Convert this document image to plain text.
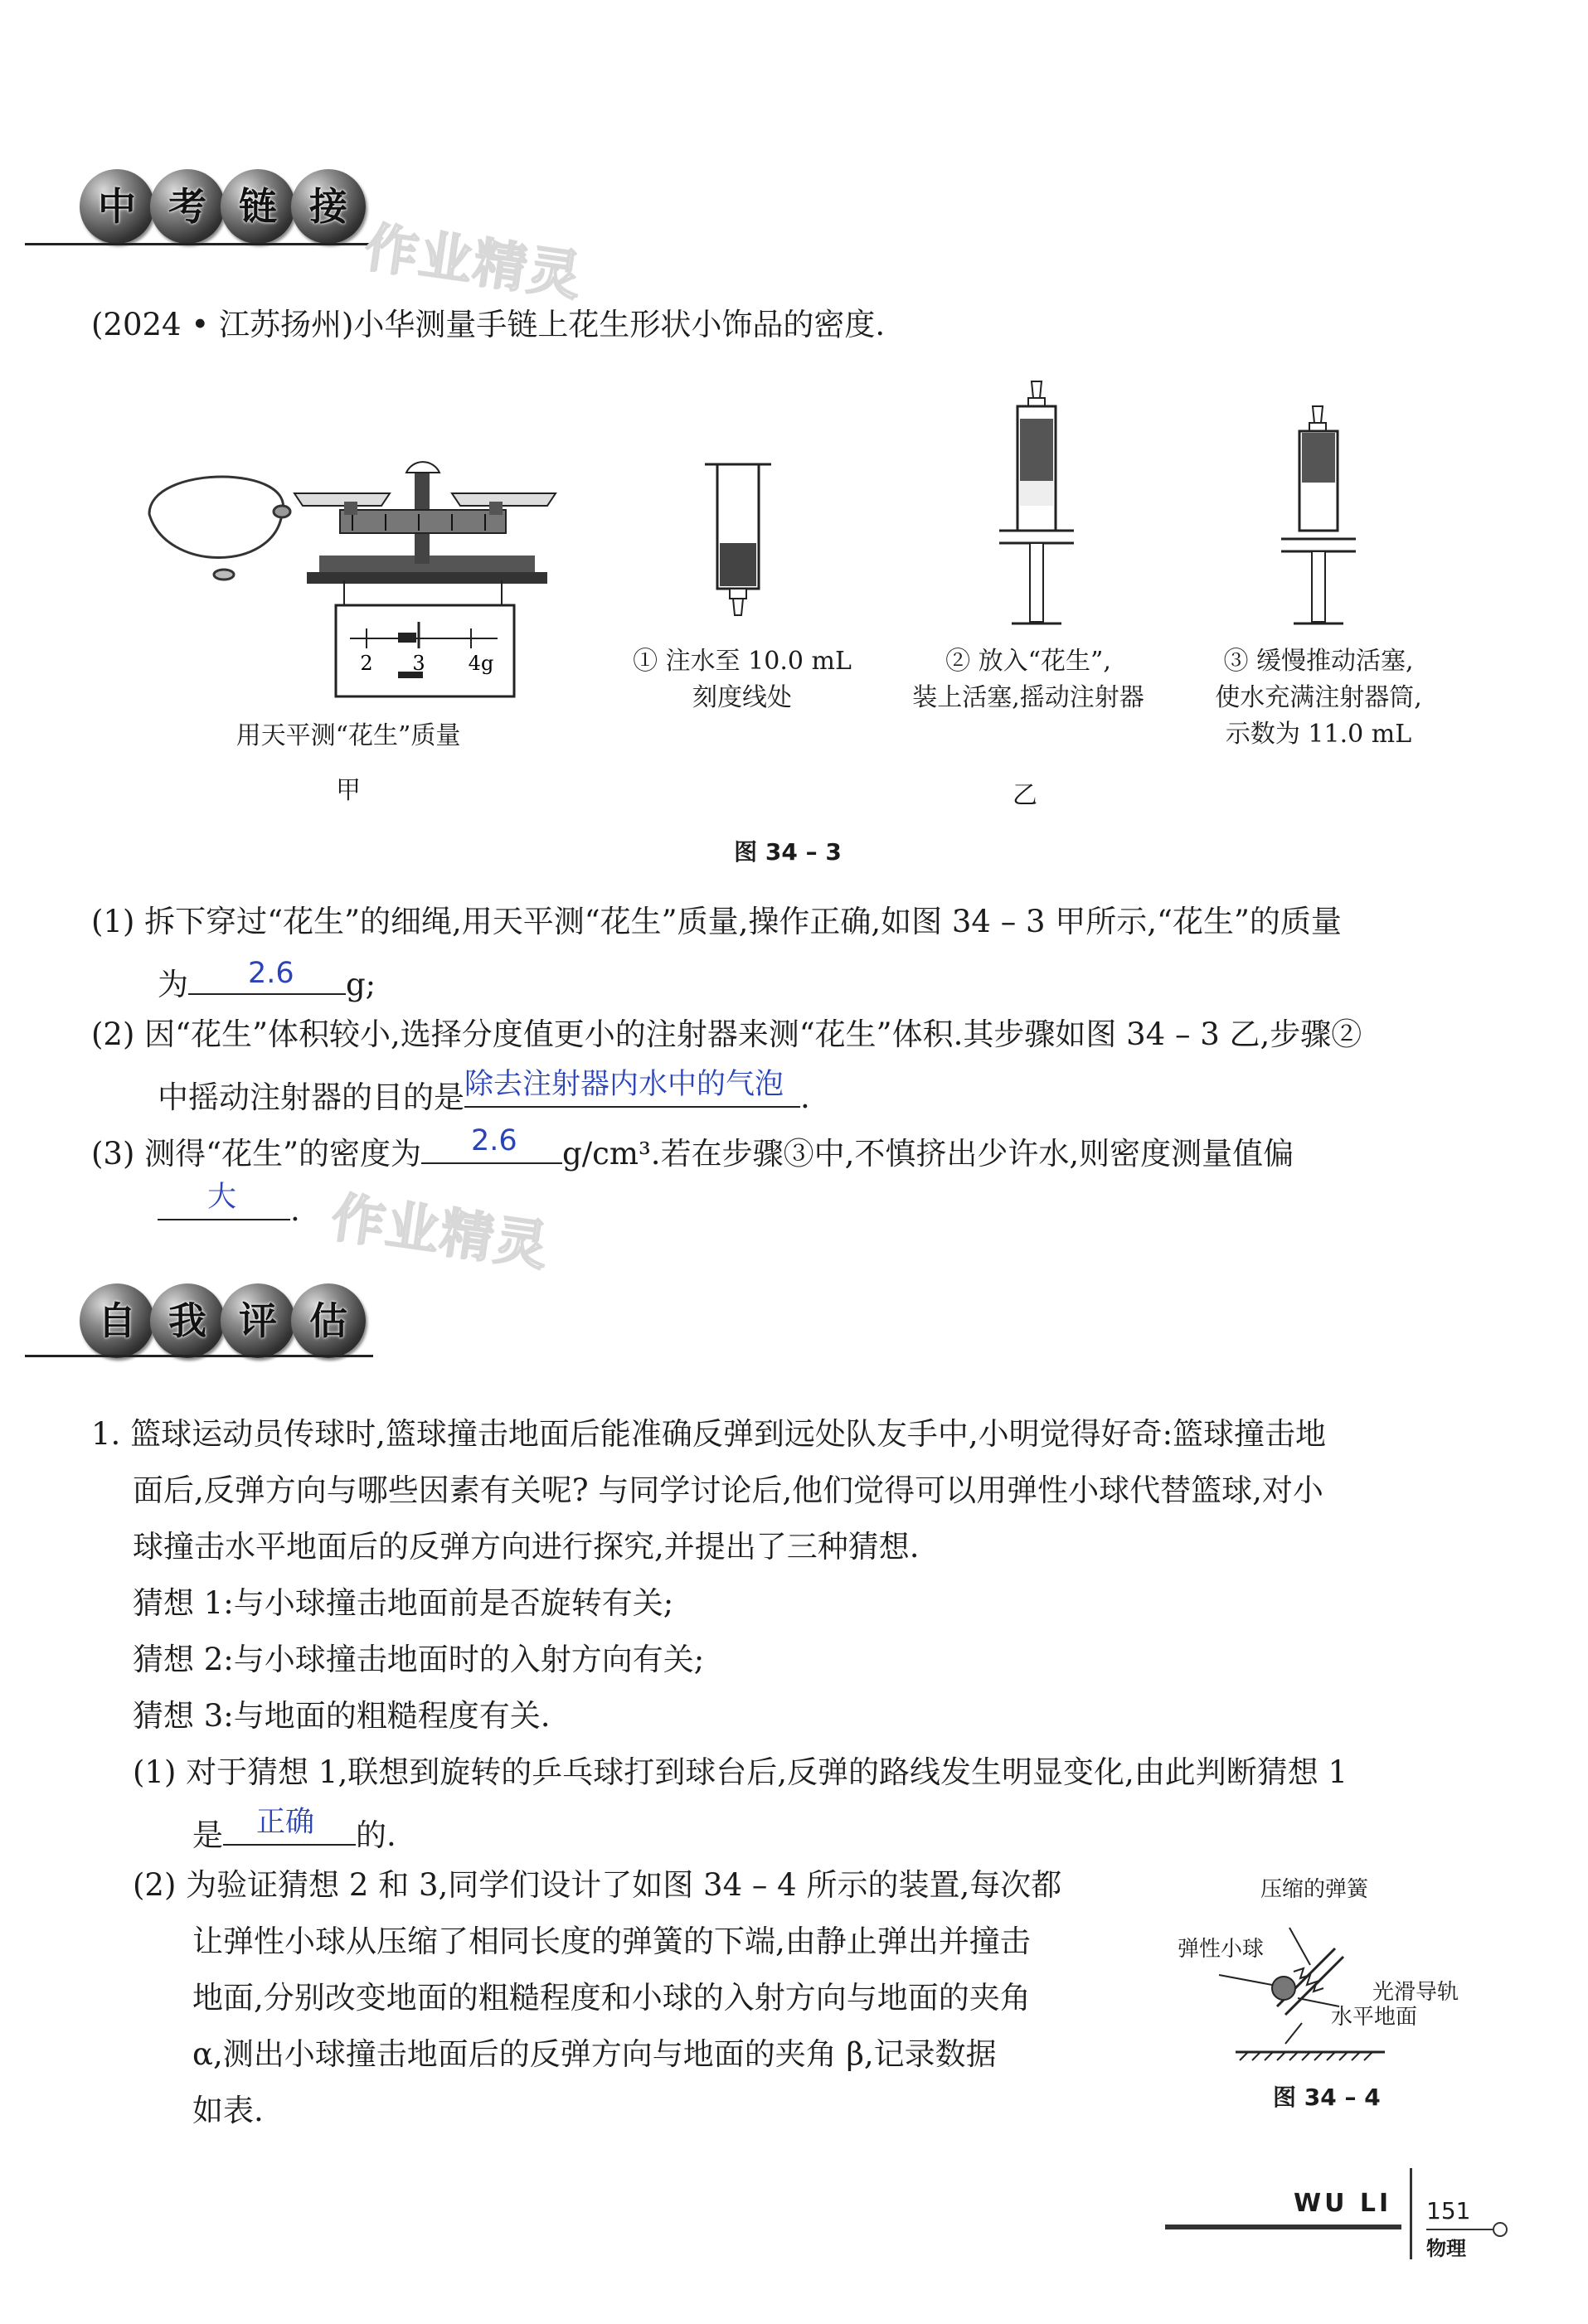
中 考 链 接
作业精灵
(2024 • 江苏扬州)小华测量手链上花生形状小饰品的密度.
2 3 4g
用天平测“花生”质量
甲
① 注水至 10.0 mL
刻度线处
② 放入“花生”,
装上活塞,摇动注射器
③ 缓慢推动活塞,
使水充满注射器筒,
示数为 11.0 mL
乙
图 34 – 3
(1) 拆下穿过“花生”的细绳,用天平测“花生”质量,操作正确,如图 34 – 3 甲所示,“花生”的质量
为 2.6 g;
(2) 因“花生”体积较小,选择分度值更小的注射器来测“花生”体积.其步骤如图 34 – 3 乙,步骤②
中摇动注射器的目的是 除去注射器内水中的气泡 .
(3) 测得“花生”的密度为 2.6 g/cm³.若在步骤③中,不慎挤出少许水,则密度测量值偏
大 . 作业精灵
自 我 评 估
1. 篮球运动员传球时,篮球撞击地面后能准确反弹到远处队友手中,小明觉得好奇:篮球撞击地
面后,反弹方向与哪些因素有关呢? 与同学讨论后,他们觉得可以用弹性小球代替篮球,对小
球撞击水平地面后的反弹方向进行探究,并提出了三种猜想.
猜想 1:与小球撞击地面前是否旋转有关;
猜想 2:与小球撞击地面时的入射方向有关;
猜想 3:与地面的粗糙程度有关.
(1) 对于猜想 1,联想到旋转的乒乓球打到球台后,反弹的路线发生明显变化,由此判断猜想 1
是 正确 的.
(2) 为验证猜想 2 和 3,同学们设计了如图 34 – 4 所示的装置,每次都
让弹性小球从压缩了相同长度的弹簧的下端,由静止弹出并撞击
地面,分别改变地面的粗糙程度和小球的入射方向与地面的夹角
α,测出小球撞击地面后的反弹方向与地面的夹角 β,记录数据
如表.
压缩的弹簧
弹性小球
光滑导轨
水平地面
图 34 – 4
WU LI 151
物理
